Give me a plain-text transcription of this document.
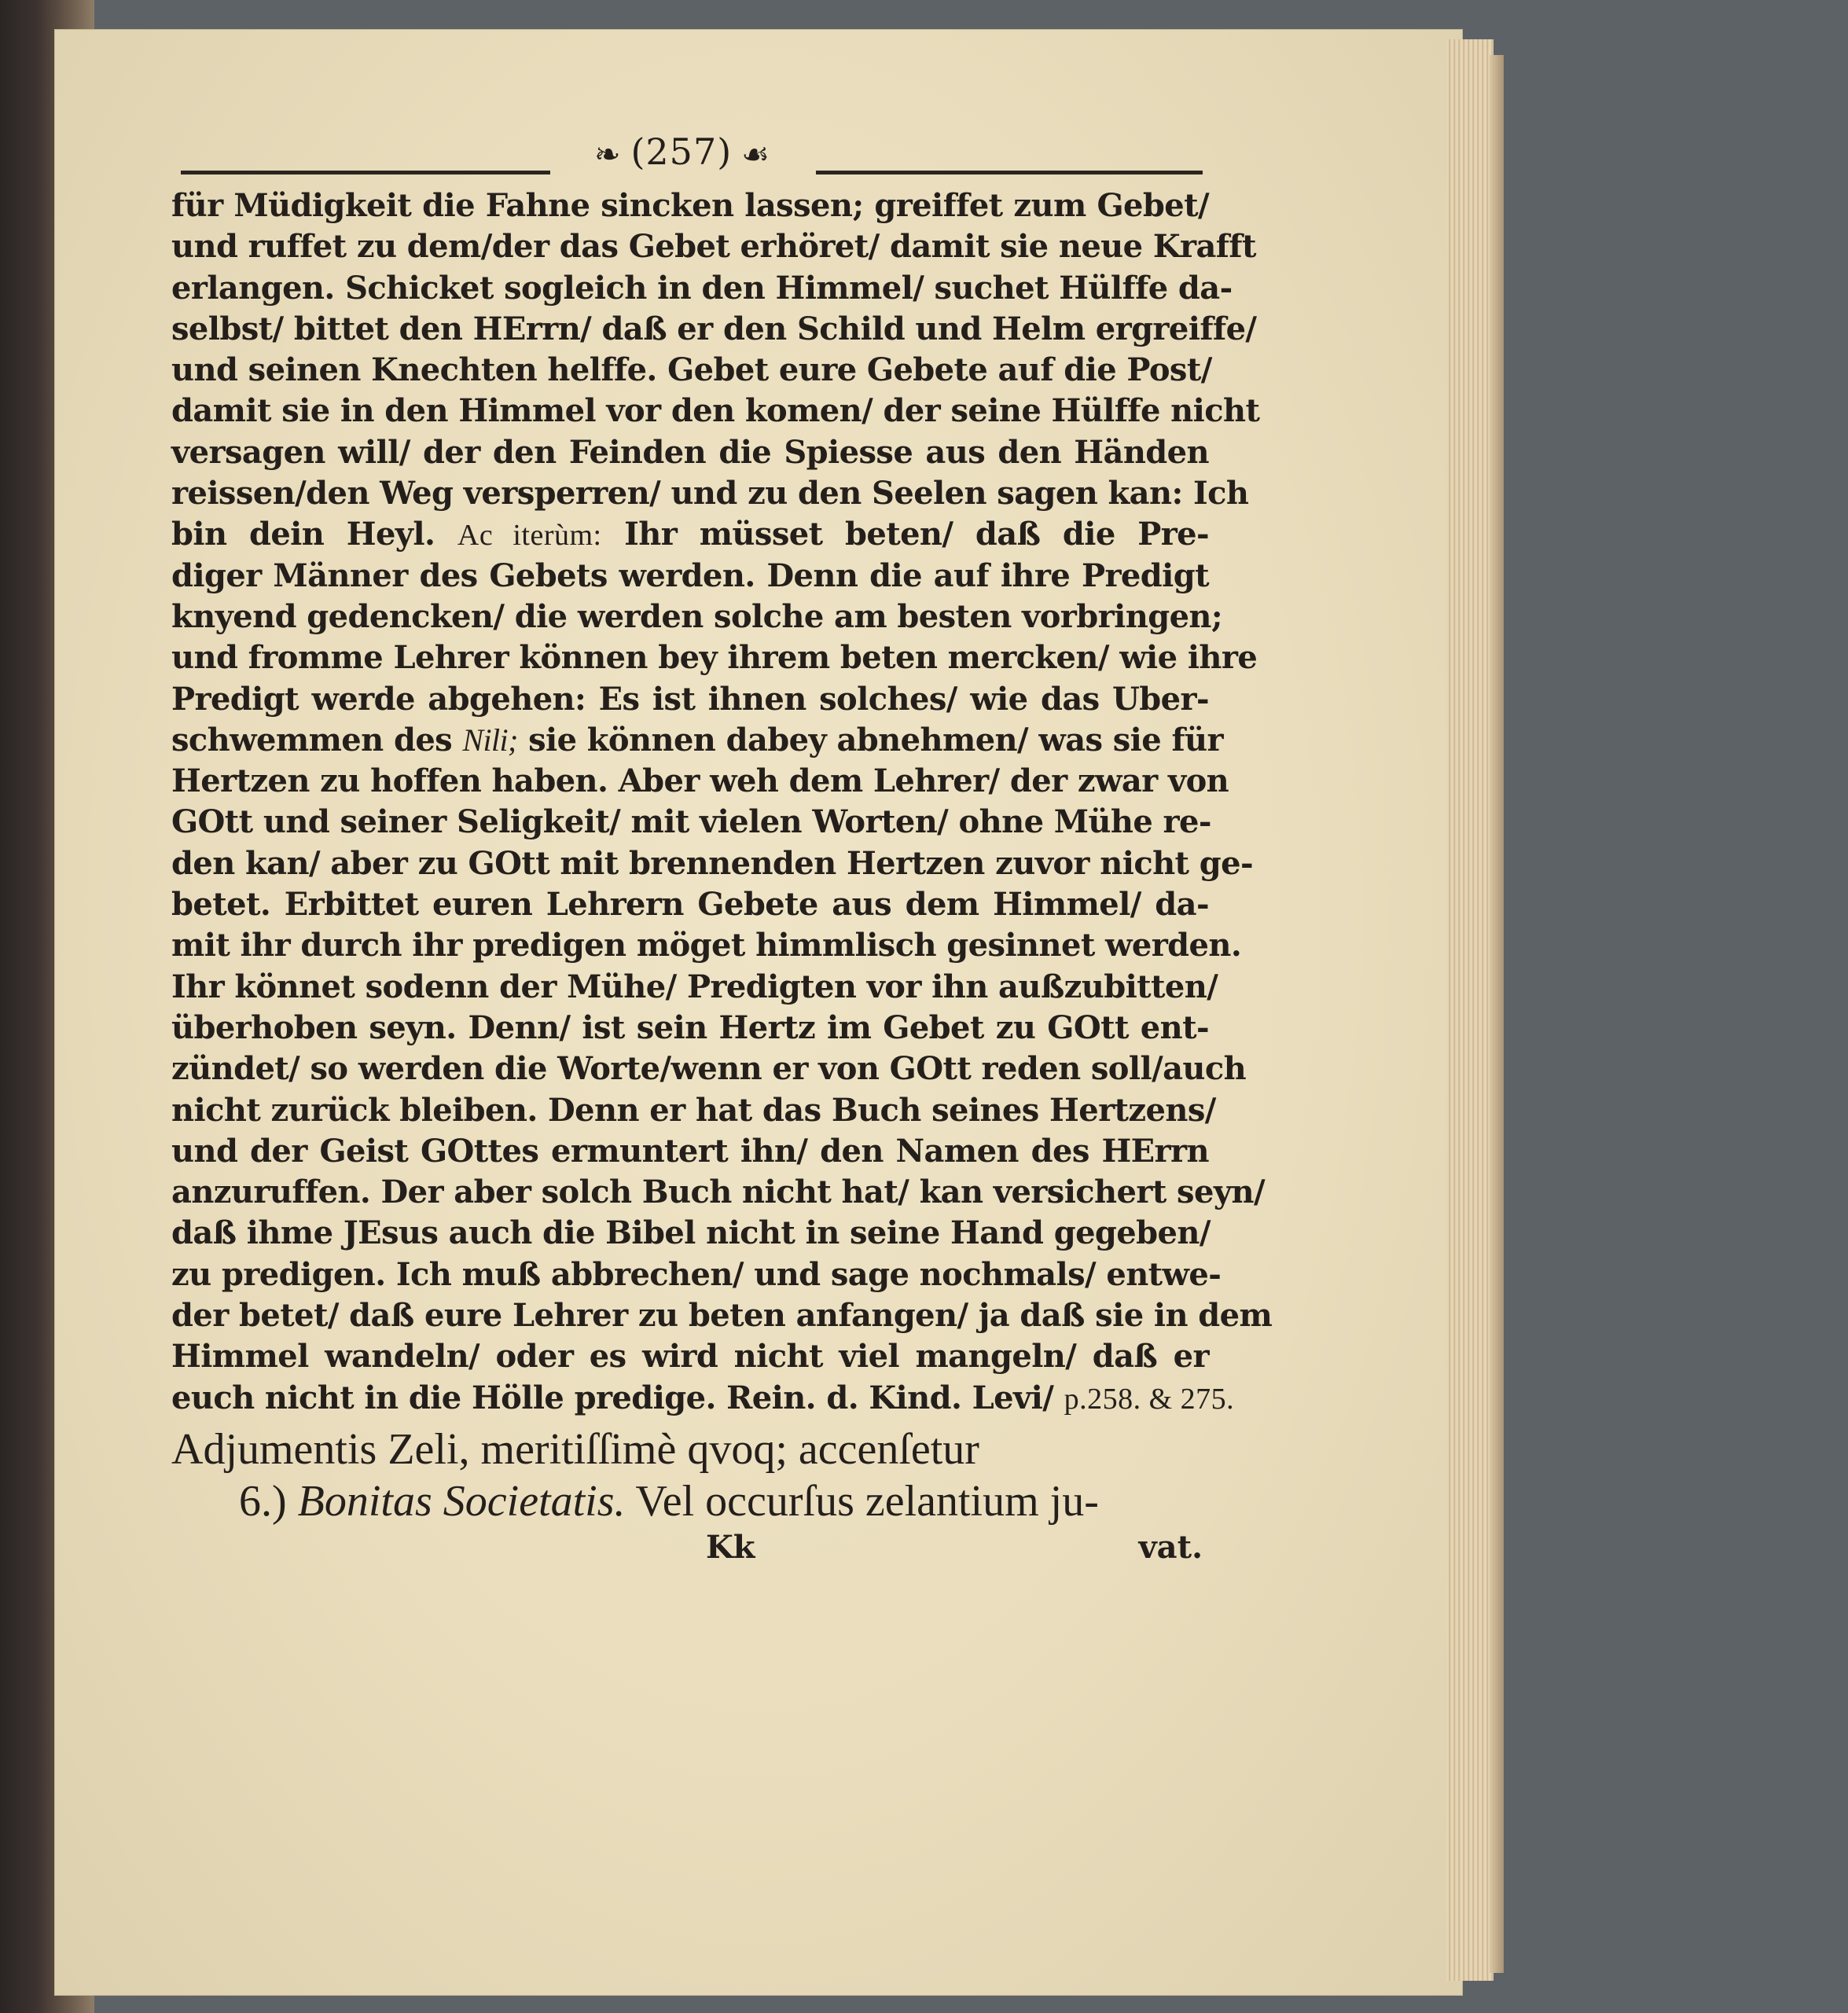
❧ (257) ☙
für Müdigkeit die Fahne sincken lassen; greiffet zum Gebet/
und ruffet zu dem/der das Gebet erhöret/ damit sie neue Krafft
erlangen. Schicket sogleich in den Himmel/ suchet Hülffe da-
selbst/ bittet den HErrn/ daß er den Schild und Helm ergreiffe/
und seinen Knechten helffe. Gebet eure Gebete auf die Post/
damit sie in den Himmel vor den komen/ der seine Hülffe nicht
versagen will/ der den Feinden die Spiesse aus den Händen
reissen/den Weg versperren/ und zu den Seelen sagen kan: Ich
bin dein Heyl. Ac iterùm: Ihr müsset beten/ daß die Pre-
diger Männer des Gebets werden. Denn die auf ihre Predigt
knyend gedencken/ die werden solche am besten vorbringen;
und fromme Lehrer können bey ihrem beten mercken/ wie ihre
Predigt werde abgehen: Es ist ihnen solches/ wie das Uber-
schwemmen des Nili; sie können dabey abnehmen/ was sie für
Hertzen zu hoffen haben. Aber weh dem Lehrer/ der zwar von
GOtt und seiner Seligkeit/ mit vielen Worten/ ohne Mühe re-
den kan/ aber zu GOtt mit brennenden Hertzen zuvor nicht ge-
betet. Erbittet euren Lehrern Gebete aus dem Himmel/ da-
mit ihr durch ihr predigen möget himmlisch gesinnet werden.
Ihr könnet sodenn der Mühe/ Predigten vor ihn außzubitten/
überhoben seyn. Denn/ ist sein Hertz im Gebet zu GOtt ent-
zündet/ so werden die Worte/wenn er von GOtt reden soll/auch
nicht zurück bleiben. Denn er hat das Buch seines Hertzens/
und der Geist GOttes ermuntert ihn/ den Namen des HErrn
anzuruffen. Der aber solch Buch nicht hat/ kan versichert seyn/
daß ihme JEsus auch die Bibel nicht in seine Hand gegeben/
zu predigen. Ich muß abbrechen/ und sage nochmals/ entwe-
der betet/ daß eure Lehrer zu beten anfangen/ ja daß sie in dem
Himmel wandeln/ oder es wird nicht viel mangeln/ daß er
euch nicht in die Hölle predige. Rein. d. Kind. Levi/ p.258. & 275.
Adjumentis Zeli, meritiſſimè qvoq; accenſetur
6.) Bonitas Societatis. Vel occurſus zelantium ju-
Kk	vat.
